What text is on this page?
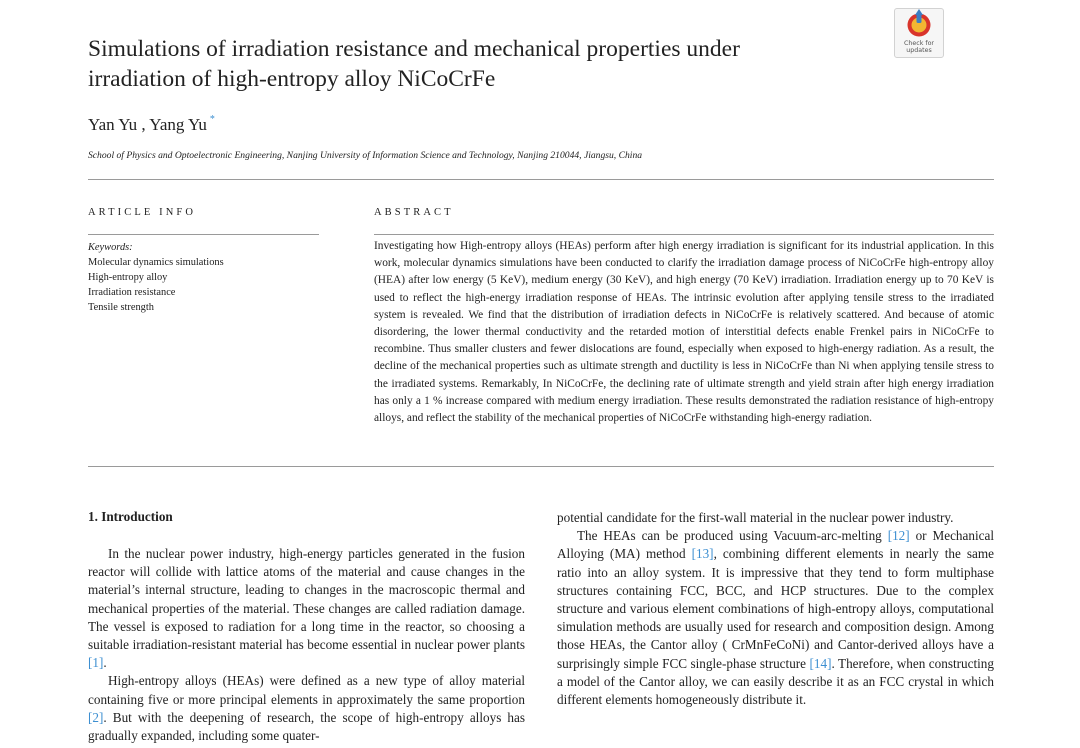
Simulations of irradiation resistance and mechanical properties under
irradiation of high-entropy alloy NiCoCrFe
Check for
updates
Yan Yu , Yang Yu *
School of Physics and Optoelectronic Engineering, Nanjing University of Information Science and Technology, Nanjing 210044, Jiangsu, China
ARTICLE INFO
Keywords:
Molecular dynamics simulations
High-entropy alloy
Irradiation resistance
Tensile strength
ABSTRACT
Investigating how High-entropy alloys (HEAs) perform after high energy irradiation is significant for its industrial application. In this work, molecular dynamics simulations have been conducted to clarify the irradiation damage process of NiCoCrFe high-entropy alloy (HEA) after low energy (5 KeV), medium energy (30 KeV), and high energy (70 KeV) irradiation. Irradiation energy up to 70 KeV is used to reflect the high-energy irradiation response of HEAs. The intrinsic evolution after applying tensile stress to the irradiated system is revealed. We find that the distribution of irradiation defects in NiCoCrFe is relatively scattered. And because of atomic disordering, the lower thermal conductivity and the retarded motion of interstitial defects enable Frenkel pairs in NiCoCrFe to recombine. Thus smaller clusters and fewer dislocations are found, especially when exposed to high-energy radiation. As a result, the decline of the mechanical properties such as ultimate strength and ductility is less in NiCoCrFe than Ni when applying tensile stress to the irradiated systems. Remarkably, In NiCoCrFe, the declining rate of ultimate strength and yield strain after high energy irradiation has only a 1 % increase compared with medium energy irradiation. These results demonstrated the radiation resistance of high-entropy alloys, and reflect the stability of the mechanical properties of NiCoCrFe withstanding high-energy radiation.
1. Introduction

In the nuclear power industry, high-energy particles generated in the fusion reactor will collide with lattice atoms of the material and cause changes in the material’s internal structure, leading to changes in the macroscopic thermal and mechanical properties of the material. These changes are called radiation damage. The vessel is exposed to radiation for a long time in the reactor, so choosing a suitable irradiation-resistant material has become essential in nuclear power plants [1].

High-entropy alloys (HEAs) were defined as a new type of alloy material containing five or more principal elements in approximately the same proportion [2]. But with the deepening of research, the scope of high-entropy alloys has gradually expanded, including some quater-

potential candidate for the first-wall material in the nuclear power industry.

The HEAs can be produced using Vacuum-arc-melting [12] or Mechanical Alloying (MA) method [13], combining different elements in nearly the same ratio into an alloy system. It is impressive that they tend to form multiphase structures containing FCC, BCC, and HCP structures. Due to the complex structure and various element combinations of high-entropy alloys, computational simulation methods are usually used for research and composition design. Among those HEAs, the Cantor alloy ( CrMnFeCoNi) and Cantor-derived alloys have a surprisingly simple FCC single-phase structure [14]. Therefore, when constructing a model of the Cantor alloy, we can easily describe it as an FCC crystal in which different elements homogeneously distribute it.
